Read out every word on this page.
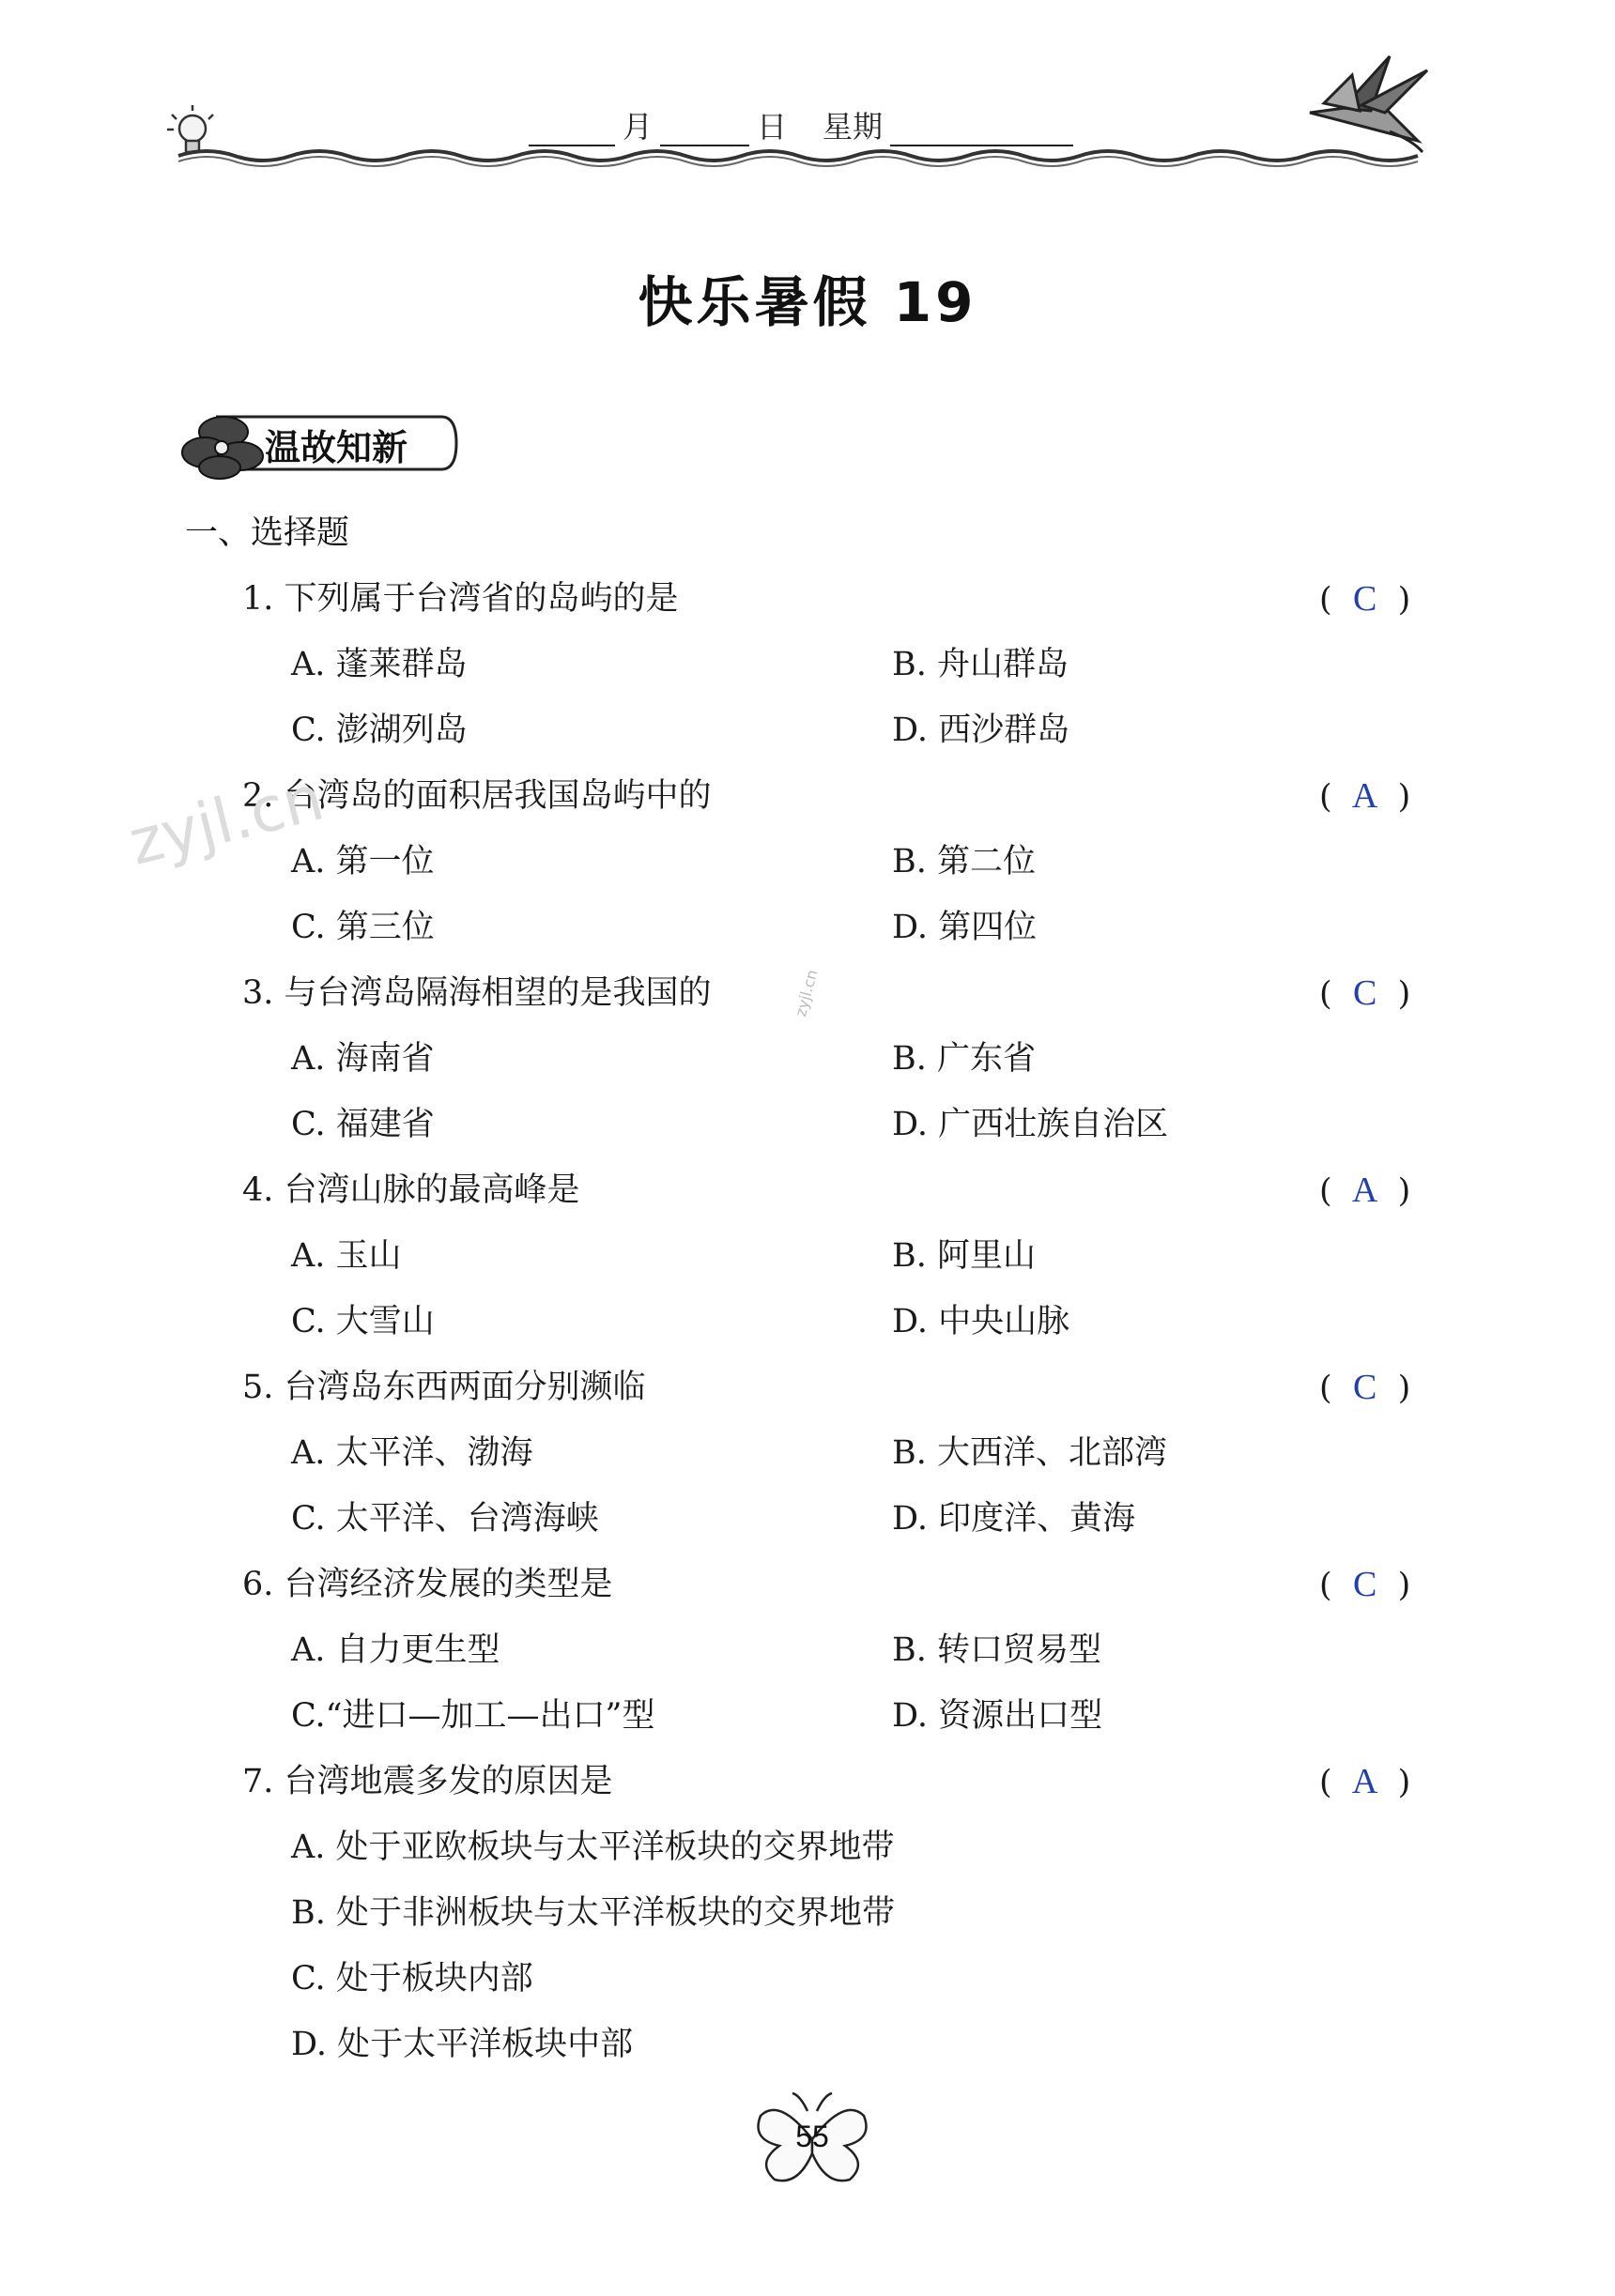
月	日 星期
快乐暑假 19
温故知新
一、选择题
1. 下列属于台湾省的岛屿的是	( C )
A. 蓬莱群岛	B. 舟山群岛
C. 澎湖列岛	D. 西沙群岛
2. 台湾岛的面积居我国岛屿中的	( A )
A. 第一位	B. 第二位
C. 第三位	D. 第四位
3. 与台湾岛隔海相望的是我国的	( C )
A. 海南省	B. 广东省
C. 福建省	D. 广西壮族自治区
4. 台湾山脉的最高峰是	( A )
A. 玉山	B. 阿里山
C. 大雪山	D. 中央山脉
5. 台湾岛东西两面分别濒临	( C )
A. 太平洋、渤海	B. 大西洋、北部湾
C. 太平洋、台湾海峡	D. 印度洋、黄海
6. 台湾经济发展的类型是	( C )
A. 自力更生型	B. 转口贸易型
C.“进口—加工—出口”型	D. 资源出口型
7. 台湾地震多发的原因是	( A )
A. 处于亚欧板块与太平洋板块的交界地带
B. 处于非洲板块与太平洋板块的交界地带
C. 处于板块内部
D. 处于太平洋板块中部
zyjl.cn
zyjl.cn
55
